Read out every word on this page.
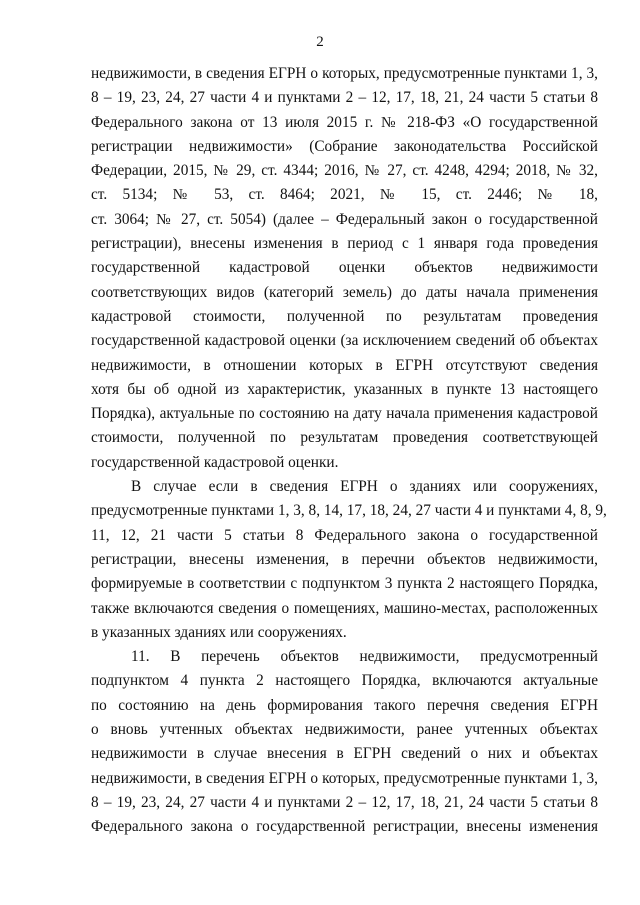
2
недвижимости, в сведения ЕГРН о которых, предусмотренные пунктами 1, 3,
8 – 19, 23, 24, 27 части 4 и пунктами 2 – 12, 17, 18, 21, 24 части 5 статьи 8
Федерального закона от 13 июля 2015 г. № 218-ФЗ «О государственной
регистрации недвижимости» (Собрание законодательства Российской
Федерации, 2015, № 29, ст. 4344; 2016, № 27, ст. 4248, 4294; 2018, № 32,
ст. 5134; № 53, ст. 8464; 2021, № 15, ст. 2446; № 18,
ст. 3064; № 27, ст. 5054) (далее – Федеральный закон о государственной
регистрации), внесены изменения в период с 1 января года проведения
государственной кадастровой оценки объектов недвижимости
соответствующих видов (категорий земель) до даты начала применения
кадастровой стоимости, полученной по результатам проведения
государственной кадастровой оценки (за исключением сведений об объектах
недвижимости, в отношении которых в ЕГРН отсутствуют сведения
хотя бы об одной из характеристик, указанных в пункте 13 настоящего
Порядка), актуальные по состоянию на дату начала применения кадастровой
стоимости, полученной по результатам проведения соответствующей
государственной кадастровой оценки.
В случае если в сведения ЕГРН о зданиях или сооружениях,
предусмотренные пунктами 1, 3, 8, 14, 17, 18, 24, 27 части 4 и пунктами 4, 8, 9,
11, 12, 21 части 5 статьи 8 Федерального закона о государственной
регистрации, внесены изменения, в перечни объектов недвижимости,
формируемые в соответствии с подпунктом 3 пункта 2 настоящего Порядка,
также включаются сведения о помещениях, машино-местах, расположенных
в указанных зданиях или сооружениях.
11. В перечень объектов недвижимости, предусмотренный
подпунктом 4 пункта 2 настоящего Порядка, включаются актуальные
по состоянию на день формирования такого перечня сведения ЕГРН
о вновь учтенных объектах недвижимости, ранее учтенных объектах
недвижимости в случае внесения в ЕГРН сведений о них и объектах
недвижимости, в сведения ЕГРН о которых, предусмотренные пунктами 1, 3,
8 – 19, 23, 24, 27 части 4 и пунктами 2 – 12, 17, 18, 21, 24 части 5 статьи 8
Федерального закона о государственной регистрации, внесены изменения
